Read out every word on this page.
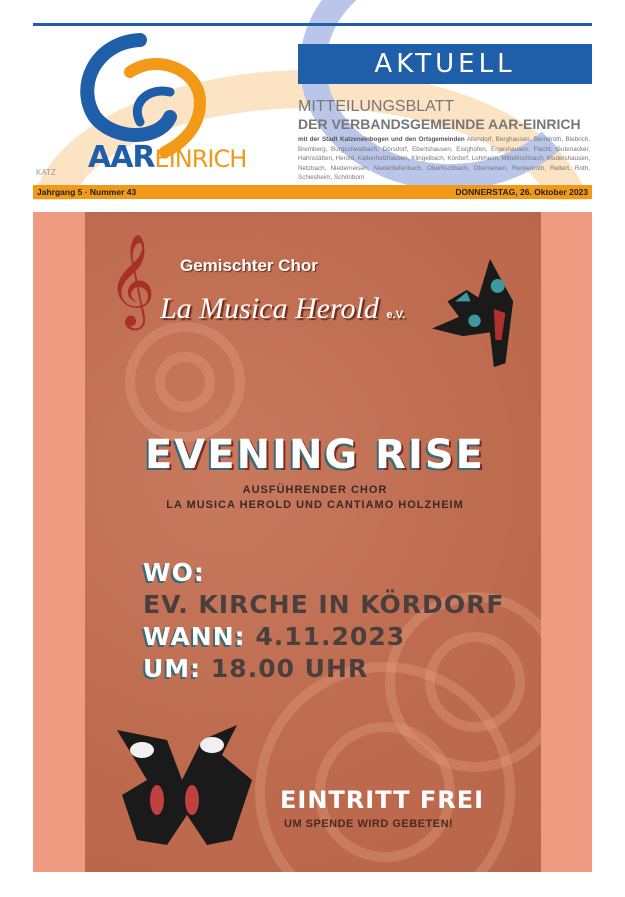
AAREINRICH
KATZ
AKTUELL
MITTEILUNGSBLATT
DER VERBANDSGEMEINDE AAR-EINRICH
mit der Stadt Katzenelnbogen und den Ortsgemeinden Allendorf, Berghausen, Berndroth, Biebrich, Bremberg, Burgschwalbach, Dörsdorf, Ebertshausen, Eisighofen, Ergeshausen, Flacht, Gutenacker, Hahnstätten, Herold, Kaltenholzhausen, Klingelbach, Kördorf, Lohrheim, Mittelfischbach, Mudershausen, Netzbach, Niederneisen, Niedertiefenbach, Oberfischbach, Oberneisen, Reckenroth, Rettert, Roth, Schiesheim, Schönborn
Jahrgang 5 · Nummer 43	DONNERSTAG, 26. Oktober 2023
𝄞 Gemischter Chor
La Musica Herold e.V.
EVENING RISE
AUSFÜHRENDER CHOR
LA MUSICA HEROLD UND CANTIAMO HOLZHEIM
WO:
EV. KIRCHE IN KÖRDORF
WANN: 4.11.2023
UM: 18.00 UHR
EINTRITT FREI
UM SPENDE WIRD GEBETEN!
